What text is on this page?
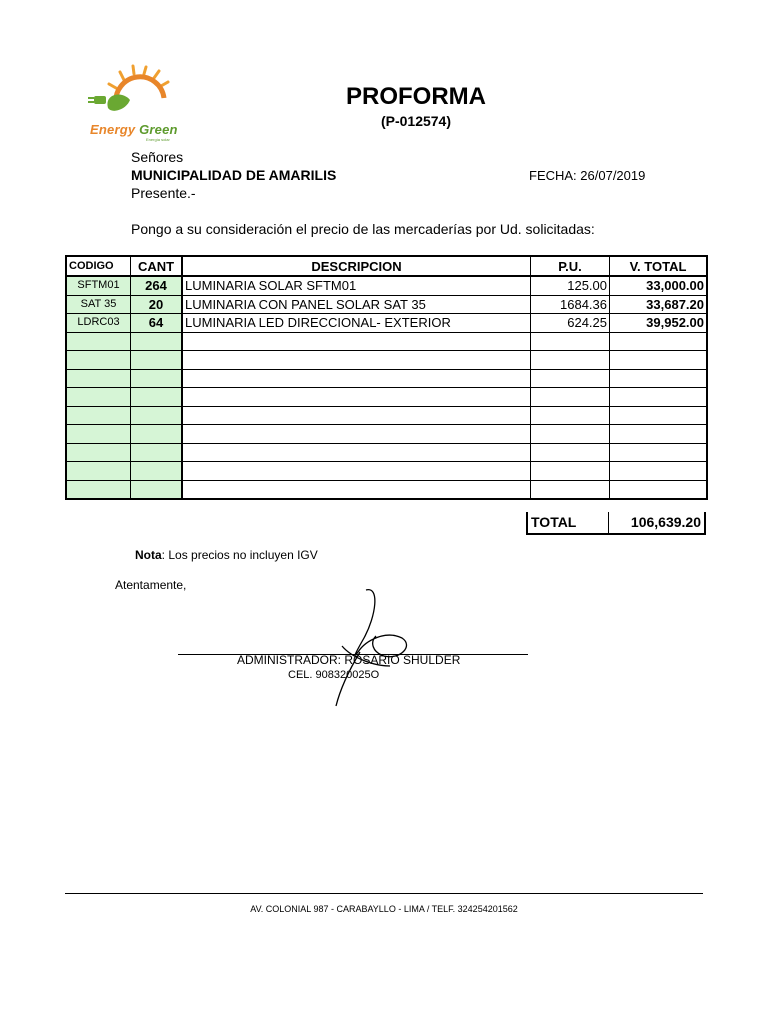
Energy Green
Energía solar
PROFORMA
(P-012574)
Señores
MUNICIPALIDAD DE AMARILIS	FECHA: 26/07/2019
Presente.-
Pongo a su consideración el precio de las mercaderías por Ud. solicitadas:
CODIGO	CANT	DESCRIPCION	P.U.	V. TOTAL
SFTM01	264	LUMINARIA SOLAR SFTM01	125.00	33,000.00
SAT 35	20	LUMINARIA CON PANEL SOLAR SAT 35	1684.36	33,687.20
LDRC03	64	LUMINARIA LED DIRECCIONAL- EXTERIOR	624.25	39,952.00

TOTAL	106,639.20
Nota: Los precios no incluyen IGV
Atentamente,
ADMINISTRADOR: ROSARIO SHULDER
CEL. 908320025O
AV. COLONIAL 987 - CARABAYLLO - LIMA / TELF. 324254201562
